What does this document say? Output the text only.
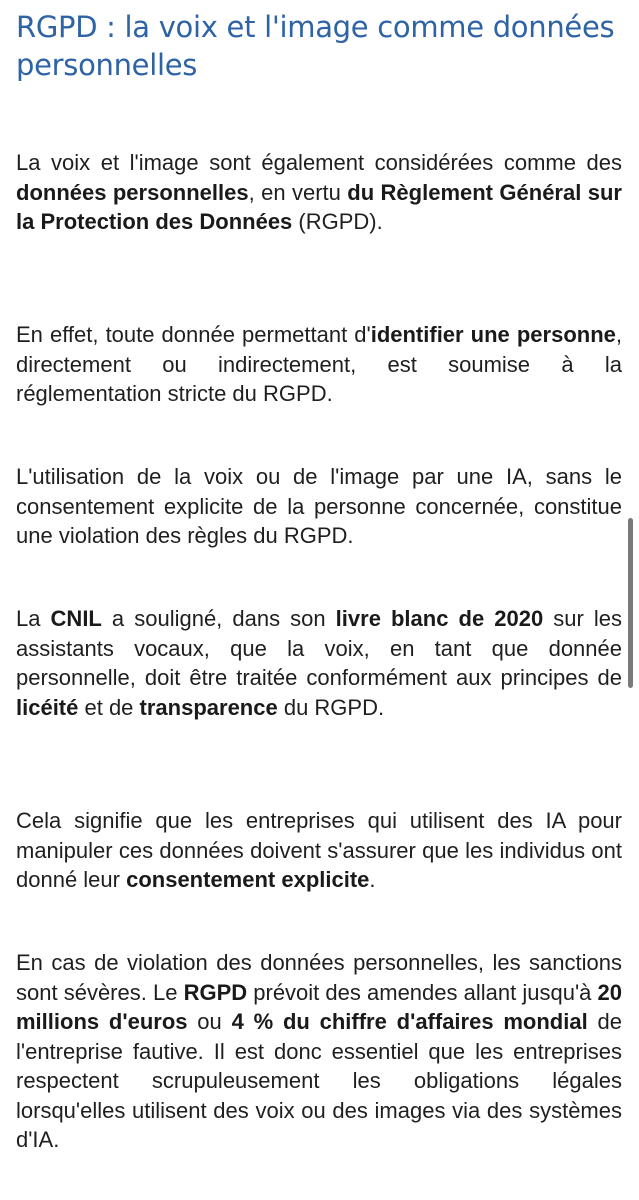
RGPD : la voix et l'image comme données personnelles

La voix et l'image sont également considérées comme des données personnelles, en vertu du Règlement Général sur la Protection des Données (RGPD).

En effet, toute donnée permettant d'identifier une personne, directement ou indirectement, est soumise à la réglementation stricte du RGPD.

L'utilisation de la voix ou de l'image par une IA, sans le consentement explicite de la personne concernée, constitue une violation des règles du RGPD.

La CNIL a souligné, dans son livre blanc de 2020 sur les assistants vocaux, que la voix, en tant que donnée personnelle, doit être traitée conformément aux principes de licéité et de transparence du RGPD.

Cela signifie que les entreprises qui utilisent des IA pour manipuler ces données doivent s'assurer que les individus ont donné leur consentement explicite.

En cas de violation des données personnelles, les sanctions sont sévères. Le RGPD prévoit des amendes allant jusqu'à 20 millions d'euros ou 4 % du chiffre d'affaires mondial de l'entreprise fautive. Il est donc essentiel que les entreprises respectent scrupuleusement les obligations légales lorsqu'elles utilisent des voix ou des images via des systèmes d'IA.
